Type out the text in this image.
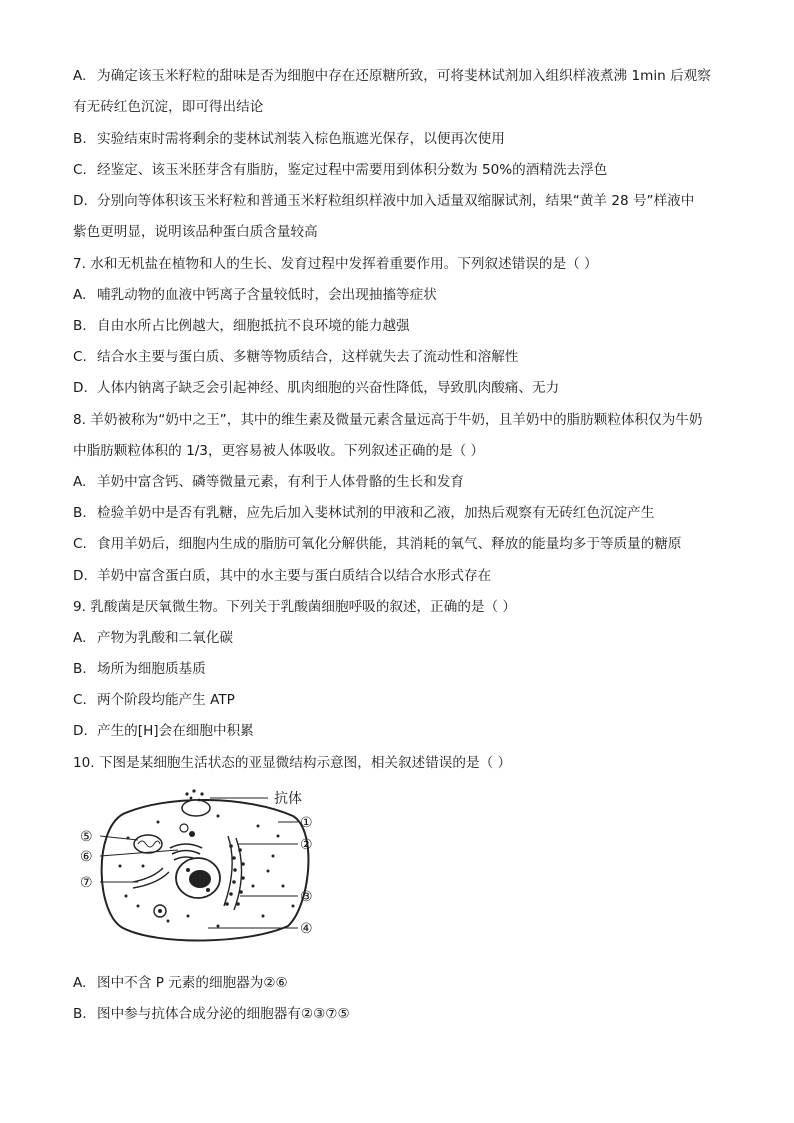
A. 为确定该玉米籽粒的甜味是否为细胞中存在还原糖所致，可将斐林试剂加入组织样液煮沸 1min 后观察
有无砖红色沉淀，即可得出结论
B. 实验结束时需将剩余的斐林试剂装入棕色瓶遮光保存，以便再次使用
C. 经鉴定、该玉米胚芽含有脂肪，鉴定过程中需要用到体积分数为 50%的酒精洗去浮色
D. 分别向等体积该玉米籽粒和普通玉米籽粒组织样液中加入适量双缩脲试剂，结果“黄羊 28 号”样液中
紫色更明显，说明该品种蛋白质含量较高
7. 水和无机盐在植物和人的生长、发育过程中发挥着重要作用。下列叙述错误的是（ ）
A. 哺乳动物的血液中钙离子含量较低时，会出现抽搐等症状
B. 自由水所占比例越大，细胞抵抗不良环境的能力越强
C. 结合水主要与蛋白质、多糖等物质结合，这样就失去了流动性和溶解性
D. 人体内钠离子缺乏会引起神经、肌肉细胞的兴奋性降低，导致肌肉酸痛、无力
8. 羊奶被称为“奶中之王”，其中的维生素及微量元素含量远高于牛奶，且羊奶中的脂肪颗粒体积仅为牛奶
中脂肪颗粒体积的 1/3，更容易被人体吸收。下列叙述正确的是（ ）
A. 羊奶中富含钙、磷等微量元素，有利于人体骨骼的生长和发育
B. 检验羊奶中是否有乳糖，应先后加入斐林试剂的甲液和乙液，加热后观察有无砖红色沉淀产生
C. 食用羊奶后，细胞内生成的脂肪可氧化分解供能，其消耗的氧气、释放的能量均多于等质量的糖原
D. 羊奶中富含蛋白质，其中的水主要与蛋白质结合以结合水形式存在
9. 乳酸菌是厌氧微生物。下列关于乳酸菌细胞呼吸的叙述，正确的是（ ）
A. 产物为乳酸和二氧化碳
B. 场所为细胞质基质
C. 两个阶段均能产生 ATP
D. 产生的[H]会在细胞中积累
10. 下图是某细胞生活状态的亚显微结构示意图，相关叙述错误的是（ ）
抗体
①
②
③
④
⑤
⑥
⑦
A. 图中不含 P 元素的细胞器为②⑥
B. 图中参与抗体合成分泌的细胞器有②③⑦⑤
